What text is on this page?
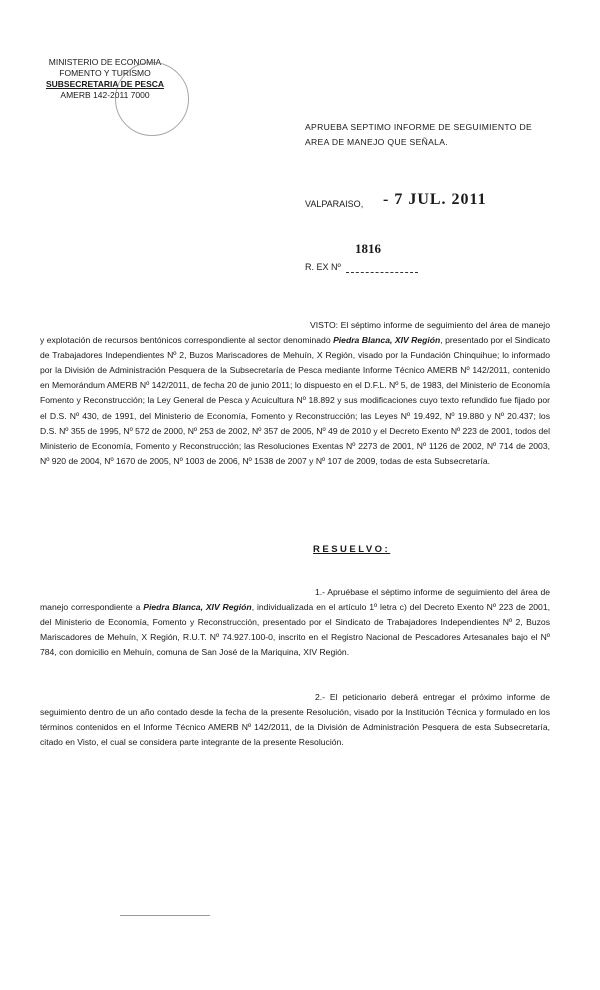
MINISTERIO DE ECONOMIA
FOMENTO Y TURISMO
SUBSECRETARIA DE PESCA
AMERB 142-2011 7000
APRUEBA SEPTIMO INFORME DE SEGUIMIENTO DE AREA DE MANEJO QUE SEÑALA.
VALPARAISO, - 7 JUL. 2011
1816
R. EX Nº
VISTO: El séptimo informe de seguimiento del área de manejo y explotación de recursos bentónicos correspondiente al sector denominado Piedra Blanca, XIV Región, presentado por el Sindicato de Trabajadores Independientes Nº 2, Buzos Mariscadores de Mehuín, X Región, visado por la Fundación Chinquihue; lo informado por la División de Administración Pesquera de la Subsecretaría de Pesca mediante Informe Técnico AMERB Nº 142/2011, contenido en Memorándum AMERB Nº 142/2011, de fecha 20 de junio 2011; lo dispuesto en el D.F.L. Nº 5, de 1983, del Ministerio de Economía Fomento y Reconstrucción; la Ley General de Pesca y Acuicultura Nº 18.892 y sus modificaciones cuyo texto refundido fue fijado por el D.S. Nº 430, de 1991, del Ministerio de Economía, Fomento y Reconstrucción; las Leyes Nº 19.492, Nº 19.880 y Nº 20.437; los D.S. Nº 355 de 1995, Nº 572 de 2000, Nº 253 de 2002, Nº 357 de 2005, Nº 49 de 2010 y el Decreto Exento Nº 223 de 2001, todos del Ministerio de Economía, Fomento y Reconstrucción; las Resoluciones Exentas Nº 2273 de 2001, Nº 1126 de 2002, Nº 714 de 2003, Nº 920 de 2004, Nº 1670 de 2005, Nº 1003 de 2006, Nº 1538 de 2007 y Nº 107 de 2009, todas de esta Subsecretaría.
RESUELVO:
1.- Apruébase el séptimo informe de seguimiento del área de manejo correspondiente a Piedra Blanca, XIV Región, individualizada en el artículo 1º letra c) del Decreto Exento Nº 223 de 2001, del Ministerio de Economía, Fomento y Reconstrucción, presentado por el Sindicato de Trabajadores Independientes Nº 2, Buzos Mariscadores de Mehuín, X Región, R.U.T. Nº 74.927.100-0, inscrito en el Registro Nacional de Pescadores Artesanales bajo el Nº 784, con domicilio en Mehuín, comuna de San José de la Mariquina, XIV Región.
2.- El peticionario deberá entregar el próximo informe de seguimiento dentro de un año contado desde la fecha de la presente Resolución, visado por la Institución Técnica y formulado en los términos contenidos en el Informe Técnico AMERB Nº 142/2011, de la División de Administración Pesquera de esta Subsecretaría, citado en Visto, el cual se considera parte integrante de la presente Resolución.
